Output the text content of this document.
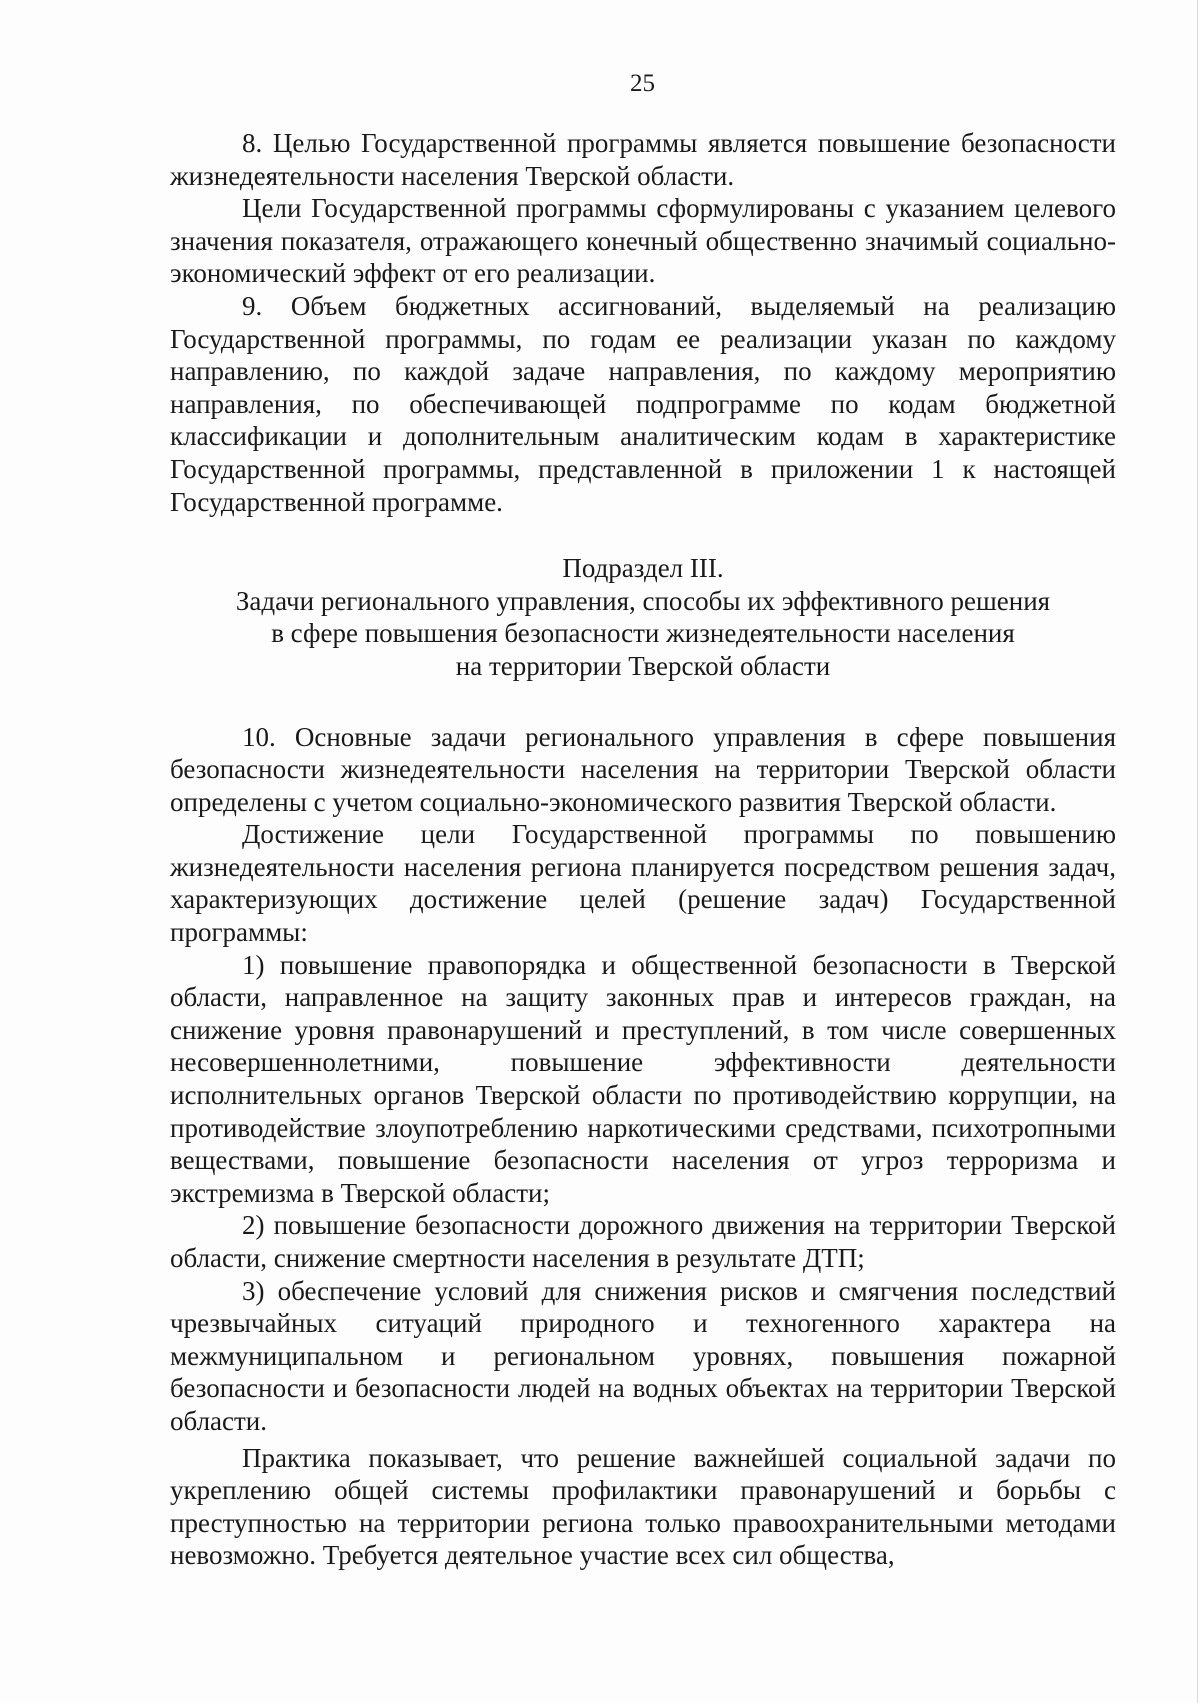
25

8. Целью Государственной программы является повышение безопасности жизнедеятельности населения Тверской области.

Цели Государственной программы сформулированы с указанием целевого значения показателя, отражающего конечный общественно значимый социально-экономический эффект от его реализации.

9. Объем бюджетных ассигнований, выделяемый на реализацию Государственной программы, по годам ее реализации указан по каждому направлению, по каждой задаче направления, по каждому мероприятию направления, по обеспечивающей подпрограмме по кодам бюджетной классификации и дополнительным аналитическим кодам в характеристике Государственной программы, представленной в приложении 1 к настоящей Государственной программе.

Подраздел III.
Задачи регионального управления, способы их эффективного решения
в сфере повышения безопасности жизнедеятельности населения
на территории Тверской области

10. Основные задачи регионального управления в сфере повышения безопасности жизнедеятельности населения на территории Тверской области определены с учетом социально-экономического развития Тверской области.

Достижение цели Государственной программы по повышению жизнедеятельности населения региона планируется посредством решения задач, характеризующих достижение целей (решение задач) Государственной программы:

1) повышение правопорядка и общественной безопасности в Тверской области, направленное на защиту законных прав и интересов граждан, на снижение уровня правонарушений и преступлений, в том числе совершенных несовершеннолетними, повышение эффективности деятельности исполнительных органов Тверской области по противодействию коррупции, на противодействие злоупотреблению наркотическими средствами, психотропными веществами, повышение безопасности населения от угроз терроризма и экстремизма в Тверской области;

2) повышение безопасности дорожного движения на территории Тверской области, снижение смертности населения в результате ДТП;

3) обеспечение условий для снижения рисков и смягчения последствий чрезвычайных ситуаций природного и техногенного характера на межмуниципальном и региональном уровнях, повышения пожарной безопасности и безопасности людей на водных объектах на территории Тверской области.

Практика показывает, что решение важнейшей социальной задачи по укреплению общей системы профилактики правонарушений и борьбы с преступностью на территории региона только правоохранительными методами невозможно. Требуется деятельное участие всех сил общества,
